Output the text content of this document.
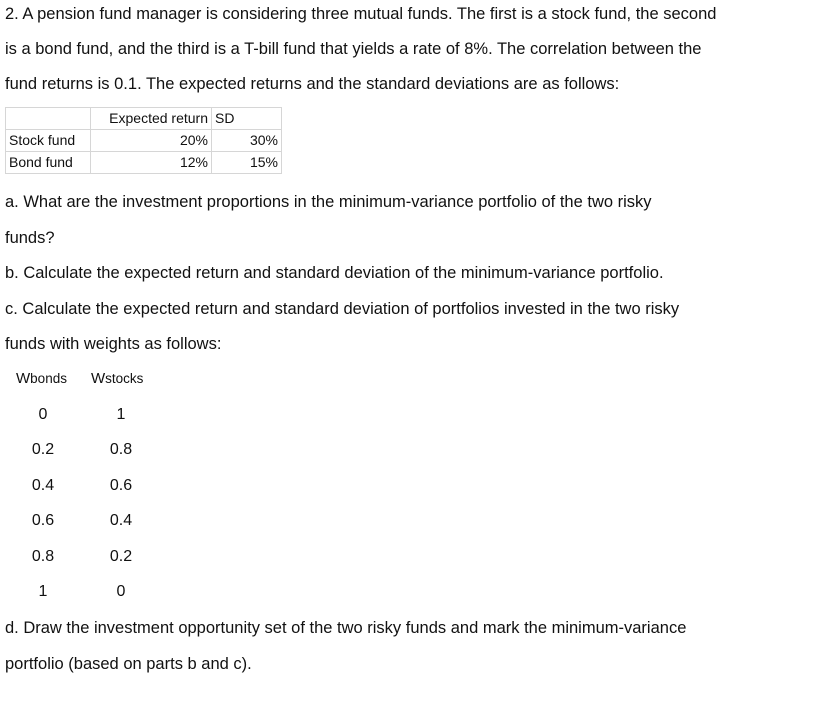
2. A pension fund manager is considering three mutual funds. The first is a stock fund, the second
is a bond fund, and the third is a T-bill fund that yields a rate of 8%. The correlation between the
fund returns is 0.1. The expected returns and the standard deviations are as follows:
	Expected return	SD
Stock fund	20%	30%
Bond fund	12%	15%
a. What are the investment proportions in the minimum-variance portfolio of the two risky
funds?
b. Calculate the expected return and standard deviation of the minimum-variance portfolio.
c. Calculate the expected return and standard deviation of portfolios invested in the two risky
funds with weights as follows:
Wbonds Wstocks
0	1
0.2	0.8
0.4	0.6
0.6	0.4
0.8	0.2
1	0
d. Draw the investment opportunity set of the two risky funds and mark the minimum-variance
portfolio (based on parts b and c).
